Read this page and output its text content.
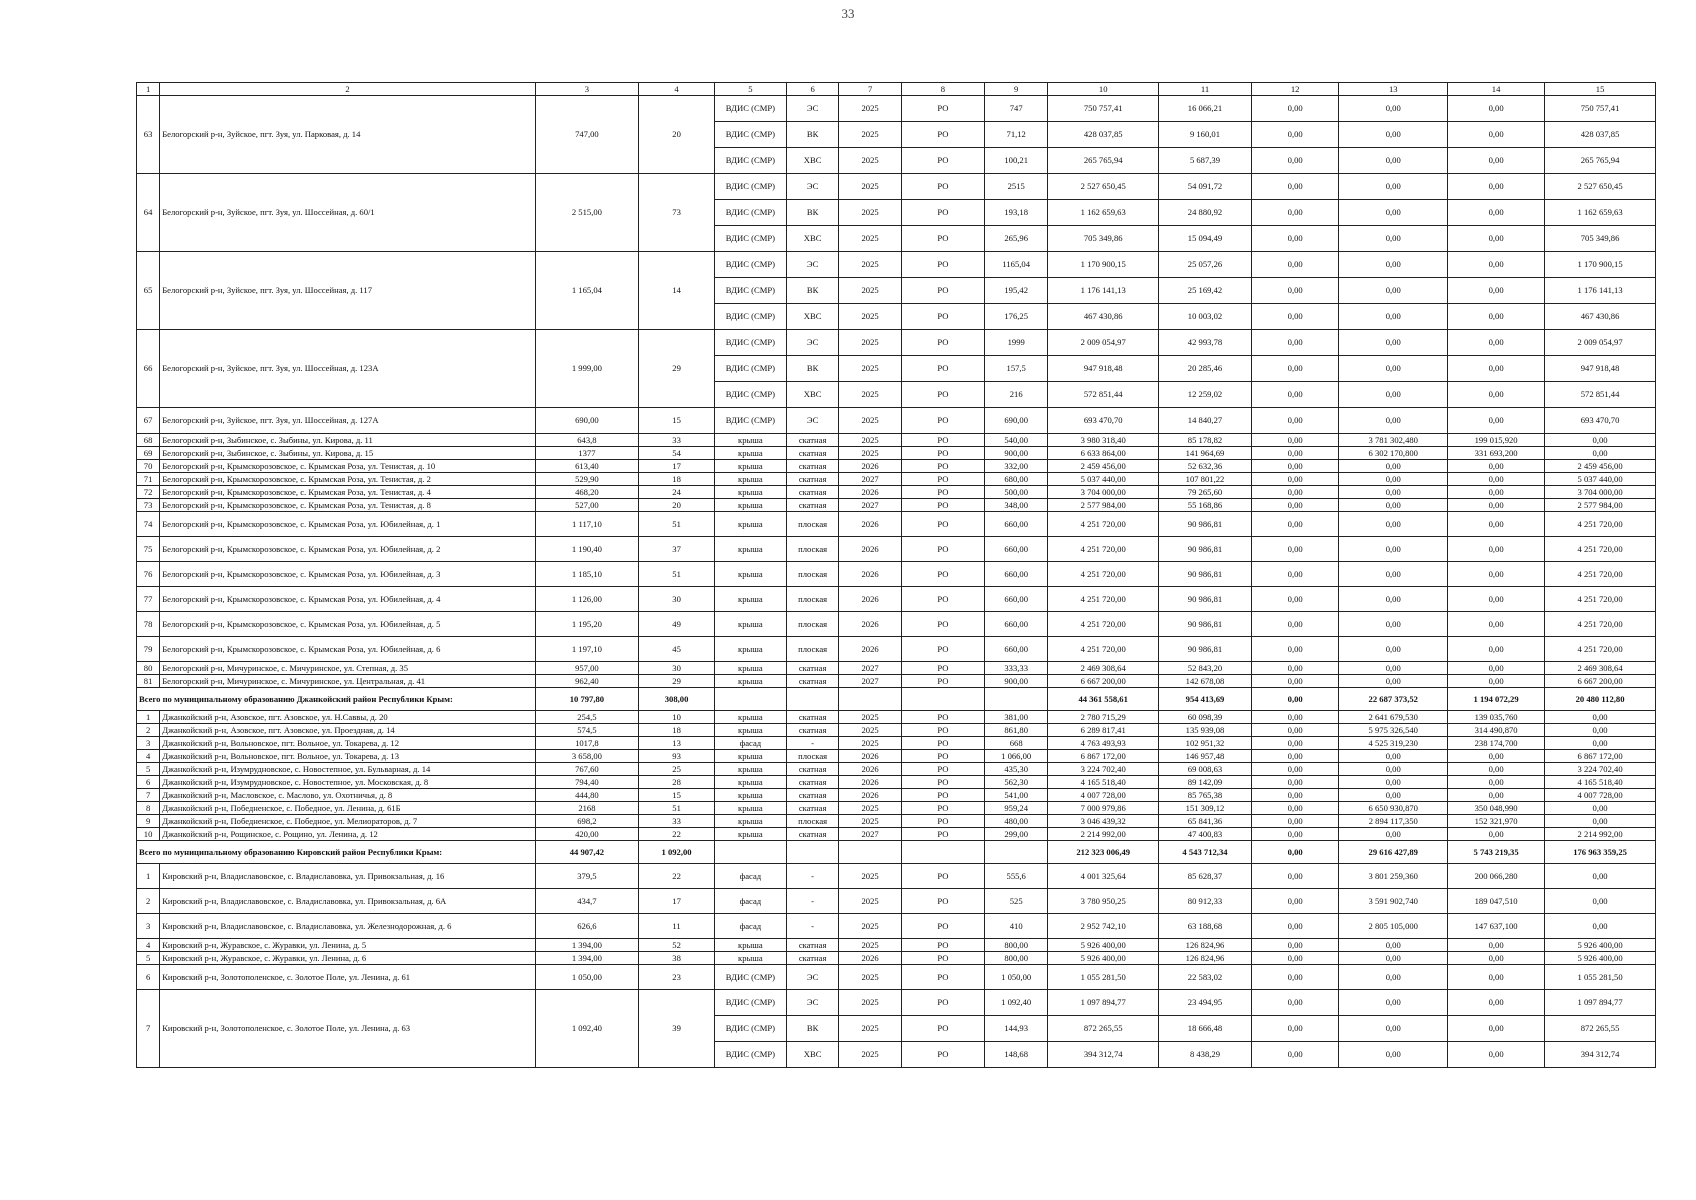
33
1	2	3	4	5	6	7	8	9	10	11	12	13	14	15
63	Белогорский р-н, Зуйское, пгт. Зуя, ул. Парковая, д. 14	747,00	20	ВДИС (СМР)	ЭС	2025	РО	747	750 757,41	16 066,21	0,00	0,00	0,00	750 757,41
				ВДИС (СМР)	ВК	2025	РО	71,12	428 037,85	9 160,01	0,00	0,00	0,00	428 037,85
				ВДИС (СМР)	ХВС	2025	РО	100,21	265 765,94	5 687,39	0,00	0,00	0,00	265 765,94
64	Белогорский р-н, Зуйское, пгт. Зуя, ул. Шоссейная, д. 60/1	2 515,00	73	ВДИС (СМР)	ЭС	2025	РО	2515	2 527 650,45	54 091,72	0,00	0,00	0,00	2 527 650,45
				ВДИС (СМР)	ВК	2025	РО	193,18	1 162 659,63	24 880,92	0,00	0,00	0,00	1 162 659,63
				ВДИС (СМР)	ХВС	2025	РО	265,96	705 349,86	15 094,49	0,00	0,00	0,00	705 349,86
65	Белогорский р-н, Зуйское, пгт. Зуя, ул. Шоссейная, д. 117	1 165,04	14	ВДИС (СМР)	ЭС	2025	РО	1165,04	1 170 900,15	25 057,26	0,00	0,00	0,00	1 170 900,15
				ВДИС (СМР)	ВК	2025	РО	195,42	1 176 141,13	25 169,42	0,00	0,00	0,00	1 176 141,13
				ВДИС (СМР)	ХВС	2025	РО	176,25	467 430,86	10 003,02	0,00	0,00	0,00	467 430,86
66	Белогорский р-н, Зуйское, пгт. Зуя, ул. Шоссейная, д. 123А	1 999,00	29	ВДИС (СМР)	ЭС	2025	РО	1999	2 009 054,97	42 993,78	0,00	0,00	0,00	2 009 054,97
				ВДИС (СМР)	ВК	2025	РО	157,5	947 918,48	20 285,46	0,00	0,00	0,00	947 918,48
				ВДИС (СМР)	ХВС	2025	РО	216	572 851,44	12 259,02	0,00	0,00	0,00	572 851,44
67	Белогорский р-н, Зуйское, пгт. Зуя, ул. Шоссейная, д. 127А	690,00	15	ВДИС (СМР)	ЭС	2025	РО	690,00	693 470,70	14 840,27	0,00	0,00	0,00	693 470,70
68	Белогорский р-н, Зыбинское, с. Зыбины, ул. Кирова, д. 11	643,8	33	крыша	скатная	2025	РО	540,00	3 980 318,40	85 178,82	0,00	3 781 302,480	199 015,920	0,00
69	Белогорский р-н, Зыбинское, с. Зыбины, ул. Кирова, д. 15	1377	54	крыша	скатная	2025	РО	900,00	6 633 864,00	141 964,69	0,00	6 302 170,800	331 693,200	0,00
70	Белогорский р-н, Крымскорозовское, с. Крымская Роза, ул. Тенистая, д. 10	613,40	17	крыша	скатная	2026	РО	332,00	2 459 456,00	52 632,36	0,00	0,00	0,00	2 459 456,00
71	Белогорский р-н, Крымскорозовское, с. Крымская Роза, ул. Тенистая, д. 2	529,90	18	крыша	скатная	2027	РО	680,00	5 037 440,00	107 801,22	0,00	0,00	0,00	5 037 440,00
72	Белогорский р-н, Крымскорозовское, с. Крымская Роза, ул. Тенистая, д. 4	468,20	24	крыша	скатная	2026	РО	500,00	3 704 000,00	79 265,60	0,00	0,00	0,00	3 704 000,00
73	Белогорский р-н, Крымскорозовское, с. Крымская Роза, ул. Тенистая, д. 8	527,00	20	крыша	скатная	2027	РО	348,00	2 577 984,00	55 168,86	0,00	0,00	0,00	2 577 984,00
74	Белогорский р-н, Крымскорозовское, с. Крымская Роза, ул. Юбилейная, д. 1	1 117,10	51	крыша	плоская	2026	РО	660,00	4 251 720,00	90 986,81	0,00	0,00	0,00	4 251 720,00
75	Белогорский р-н, Крымскорозовское, с. Крымская Роза, ул. Юбилейная, д. 2	1 190,40	37	крыша	плоская	2026	РО	660,00	4 251 720,00	90 986,81	0,00	0,00	0,00	4 251 720,00
76	Белогорский р-н, Крымскорозовское, с. Крымская Роза, ул. Юбилейная, д. 3	1 185,10	51	крыша	плоская	2026	РО	660,00	4 251 720,00	90 986,81	0,00	0,00	0,00	4 251 720,00
77	Белогорский р-н, Крымскорозовское, с. Крымская Роза, ул. Юбилейная, д. 4	1 126,00	30	крыша	плоская	2026	РО	660,00	4 251 720,00	90 986,81	0,00	0,00	0,00	4 251 720,00
78	Белогорский р-н, Крымскорозовское, с. Крымская Роза, ул. Юбилейная, д. 5	1 195,20	49	крыша	плоская	2026	РО	660,00	4 251 720,00	90 986,81	0,00	0,00	0,00	4 251 720,00
79	Белогорский р-н, Крымскорозовское, с. Крымская Роза, ул. Юбилейная, д. 6	1 197,10	45	крыша	плоская	2026	РО	660,00	4 251 720,00	90 986,81	0,00	0,00	0,00	4 251 720,00
80	Белогорский р-н, Мичуринское, с. Мичуринское, ул. Степная, д. 35	957,00	30	крыша	скатная	2027	РО	333,33	2 469 308,64	52 843,20	0,00	0,00	0,00	2 469 308,64
81	Белогорский р-н, Мичуринское, с. Мичуринское, ул. Центральная, д. 41	962,40	29	крыша	скатная	2027	РО	900,00	6 667 200,00	142 678,08	0,00	0,00	0,00	6 667 200,00
Всего по муниципальному образованию Джанкойский район Республики Крым:		10 797,80	308,00						44 361 558,61	954 413,69	0,00	22 687 373,52	1 194 072,29	20 480 112,80
1	Джанкойский р-н, Азовское, пгт. Азовское, ул. Н.Саввы, д. 20	254,5	10	крыша	скатная	2025	РО	381,00	2 780 715,29	60 098,39	0,00	2 641 679,530	139 035,760	0,00
2	Джанкойский р-н, Азовское, пгт. Азовское, ул. Проездная, д. 14	574,5	18	крыша	скатная	2025	РО	861,80	6 289 817,41	135 939,08	0,00	5 975 326,540	314 490,870	0,00
3	Джанкойский р-н, Вольновское, пгт. Вольное, ул. Токарева, д. 12	1017,8	13	фасад	-	2025	РО	668	4 763 493,93	102 951,32	0,00	4 525 319,230	238 174,700	0,00
4	Джанкойский р-н, Вольновское, пгт. Вольное, ул. Токарева, д. 13	3 658,00	93	крыша	плоская	2026	РО	1 066,00	6 867 172,00	146 957,48	0,00	0,00	0,00	6 867 172,00
5	Джанкойский р-н, Изумрудновское, с. Новостепное, ул. Бульварная, д. 14	767,60	25	крыша	скатная	2026	РО	435,30	3 224 702,40	69 008,63	0,00	0,00	0,00	3 224 702,40
6	Джанкойский р-н, Изумрудновское, с. Новостепное, ул. Московская, д. 8	794,40	28	крыша	скатная	2026	РО	562,30	4 165 518,40	89 142,09	0,00	0,00	0,00	4 165 518,40
7	Джанкойский р-н, Масловское, с. Маслово, ул. Охотничья, д. 8	444,80	15	крыша	скатная	2026	РО	541,00	4 007 728,00	85 765,38	0,00	0,00	0,00	4 007 728,00
8	Джанкойский р-н, Победненское, с. Победное, ул. Ленина, д. 61Б	2168	51	крыша	скатная	2025	РО	959,24	7 000 979,86	151 309,12	0,00	6 650 930,870	350 048,990	0,00
9	Джанкойский р-н, Победненское, с. Победное, ул. Мелиораторов, д. 7	698,2	33	крыша	плоская	2025	РО	480,00	3 046 439,32	65 841,36	0,00	2 894 117,350	152 321,970	0,00
10	Джанкойский р-н, Рощинское, с. Рощино, ул. Ленина, д. 12	420,00	22	крыша	скатная	2027	РО	299,00	2 214 992,00	47 400,83	0,00	0,00	0,00	2 214 992,00
Всего по муниципальному образованию Кировский район Республики Крым:		44 907,42	1 092,00						212 323 006,49	4 543 712,34	0,00	29 616 427,89	5 743 219,35	176 963 359,25
1	Кировский р-н, Владиславовское, с. Владиславовка, ул. Привокзальная, д. 16	379,5	22	фасад	-	2025	РО	555,6	4 001 325,64	85 628,37	0,00	3 801 259,360	200 066,280	0,00
2	Кировский р-н, Владиславовское, с. Владиславовка, ул. Привокзальная, д. 6А	434,7	17	фасад	-	2025	РО	525	3 780 950,25	80 912,33	0,00	3 591 902,740	189 047,510	0,00
3	Кировский р-н, Владиславовское, с. Владиславовка, ул. Железнодорожная, д. 6	626,6	11	фасад	-	2025	РО	410	2 952 742,10	63 188,68	0,00	2 805 105,000	147 637,100	0,00
4	Кировский р-н, Журавское, с. Журавки, ул. Ленина, д. 5	1 394,00	52	крыша	скатная	2025	РО	800,00	5 926 400,00	126 824,96	0,00	0,00	0,00	5 926 400,00
5	Кировский р-н, Журавское, с. Журавки, ул. Ленина, д. 6	1 394,00	38	крыша	скатная	2026	РО	800,00	5 926 400,00	126 824,96	0,00	0,00	0,00	5 926 400,00
6	Кировский р-н, Золотополенское, с. Золотое Поле, ул. Ленина, д. 61	1 050,00	23	ВДИС (СМР)	ЭС	2025	РО	1 050,00	1 055 281,50	22 583,02	0,00	0,00	0,00	1 055 281,50
7	Кировский р-н, Золотополенское, с. Золотое Поле, ул. Ленина, д. 63	1 092,40	39	ВДИС (СМР)	ЭС	2025	РО	1 092,40	1 097 894,77	23 494,95	0,00	0,00	0,00	1 097 894,77
				ВДИС (СМР)	ВК	2025	РО	144,93	872 265,55	18 666,48	0,00	0,00	0,00	872 265,55
				ВДИС (СМР)	ХВС	2025	РО	148,68	394 312,74	8 438,29	0,00	0,00	0,00	394 312,74
